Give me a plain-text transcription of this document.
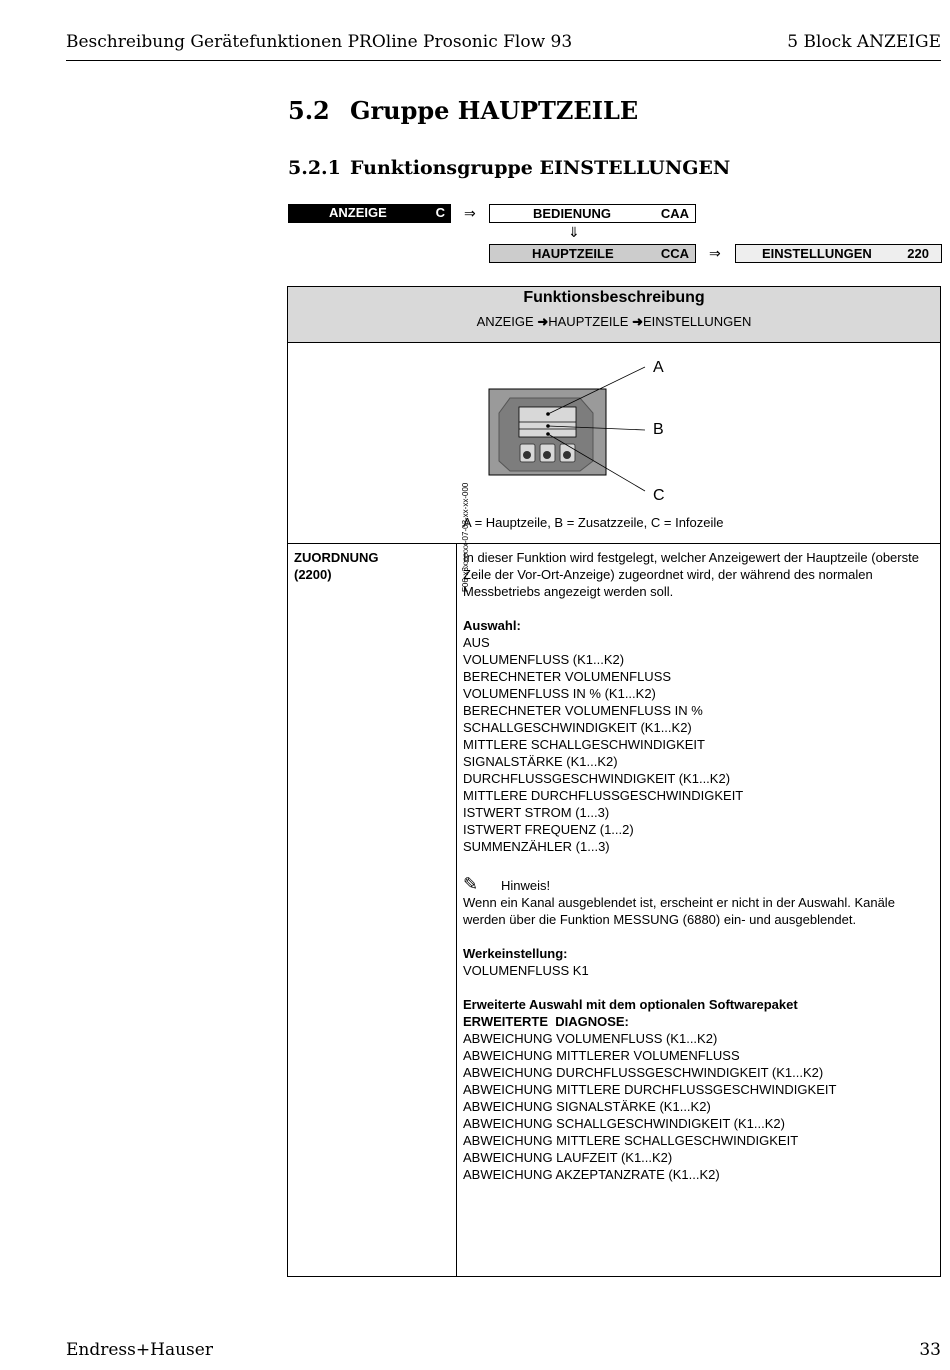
Beschreibung Gerätefunktionen PROline Prosonic Flow 93	5 Block ANZEIGE
5.2 Gruppe HAUPTZEILE
5.2.1 Funktionsgruppe EINSTELLUNGEN
ANZEIGE	C ⇒	BEDIENUNG	CAA
⇓
HAUPTZEILE	CCA ⇒	EINSTELLUNGEN	220
Funktionsbeschreibung
ANZEIGE ➜HAUPTZEILE ➜EINSTELLUNGEN
F06-x3xxxxxx-07-03-xx-xx-000
A
B
C
A = Hauptzeile, B = Zusatzzeile, C = Infozeile
ZUORDNUNG
(2200)

In dieser Funktion wird festgelegt, welcher Anzeigewert der Hauptzeile (oberste Zeile der Vor-Ort-Anzeige) zugeordnet wird, der während des normalen Messbetriebs angezeigt werden soll.

Auswahl:

AUS

VOLUMENFLUSS (K1...K2)

BERECHNETER VOLUMENFLUSS

VOLUMENFLUSS IN % (K1...K2)

BERECHNETER VOLUMENFLUSS IN %

SCHALLGESCHWINDIGKEIT (K1...K2)

MITTLERE SCHALLGESCHWINDIGKEIT

SIGNALSTÄRKE (K1...K2)

DURCHFLUSSGESCHWINDIGKEIT (K1...K2)

MITTLERE DURCHFLUSSGESCHWINDIGKEIT

ISTWERT STROM (1...3)

ISTWERT FREQUENZ (1...2)

SUMMENZÄHLER (1...3)

✎ Hinweis!

Wenn ein Kanal ausgeblendet ist, erscheint er nicht in der Auswahl. Kanäle werden über die Funktion MESSUNG (6880) ein- und ausgeblendet.

Werkeinstellung:

VOLUMENFLUSS K1

Erweiterte Auswahl mit dem optionalen Softwarepaket

ERWEITERTE  DIAGNOSE:

ABWEICHUNG VOLUMENFLUSS (K1...K2)

ABWEICHUNG MITTLERER VOLUMENFLUSS

ABWEICHUNG DURCHFLUSSGESCHWINDIGKEIT (K1...K2)

ABWEICHUNG MITTLERE DURCHFLUSSGESCHWINDIGKEIT

ABWEICHUNG SIGNALSTÄRKE (K1...K2)

ABWEICHUNG SCHALLGESCHWINDIGKEIT (K1...K2)

ABWEICHUNG MITTLERE SCHALLGESCHWINDIGKEIT

ABWEICHUNG LAUFZEIT (K1...K2)

ABWEICHUNG AKZEPTANZRATE (K1...K2)

Endress+Hauser	33
